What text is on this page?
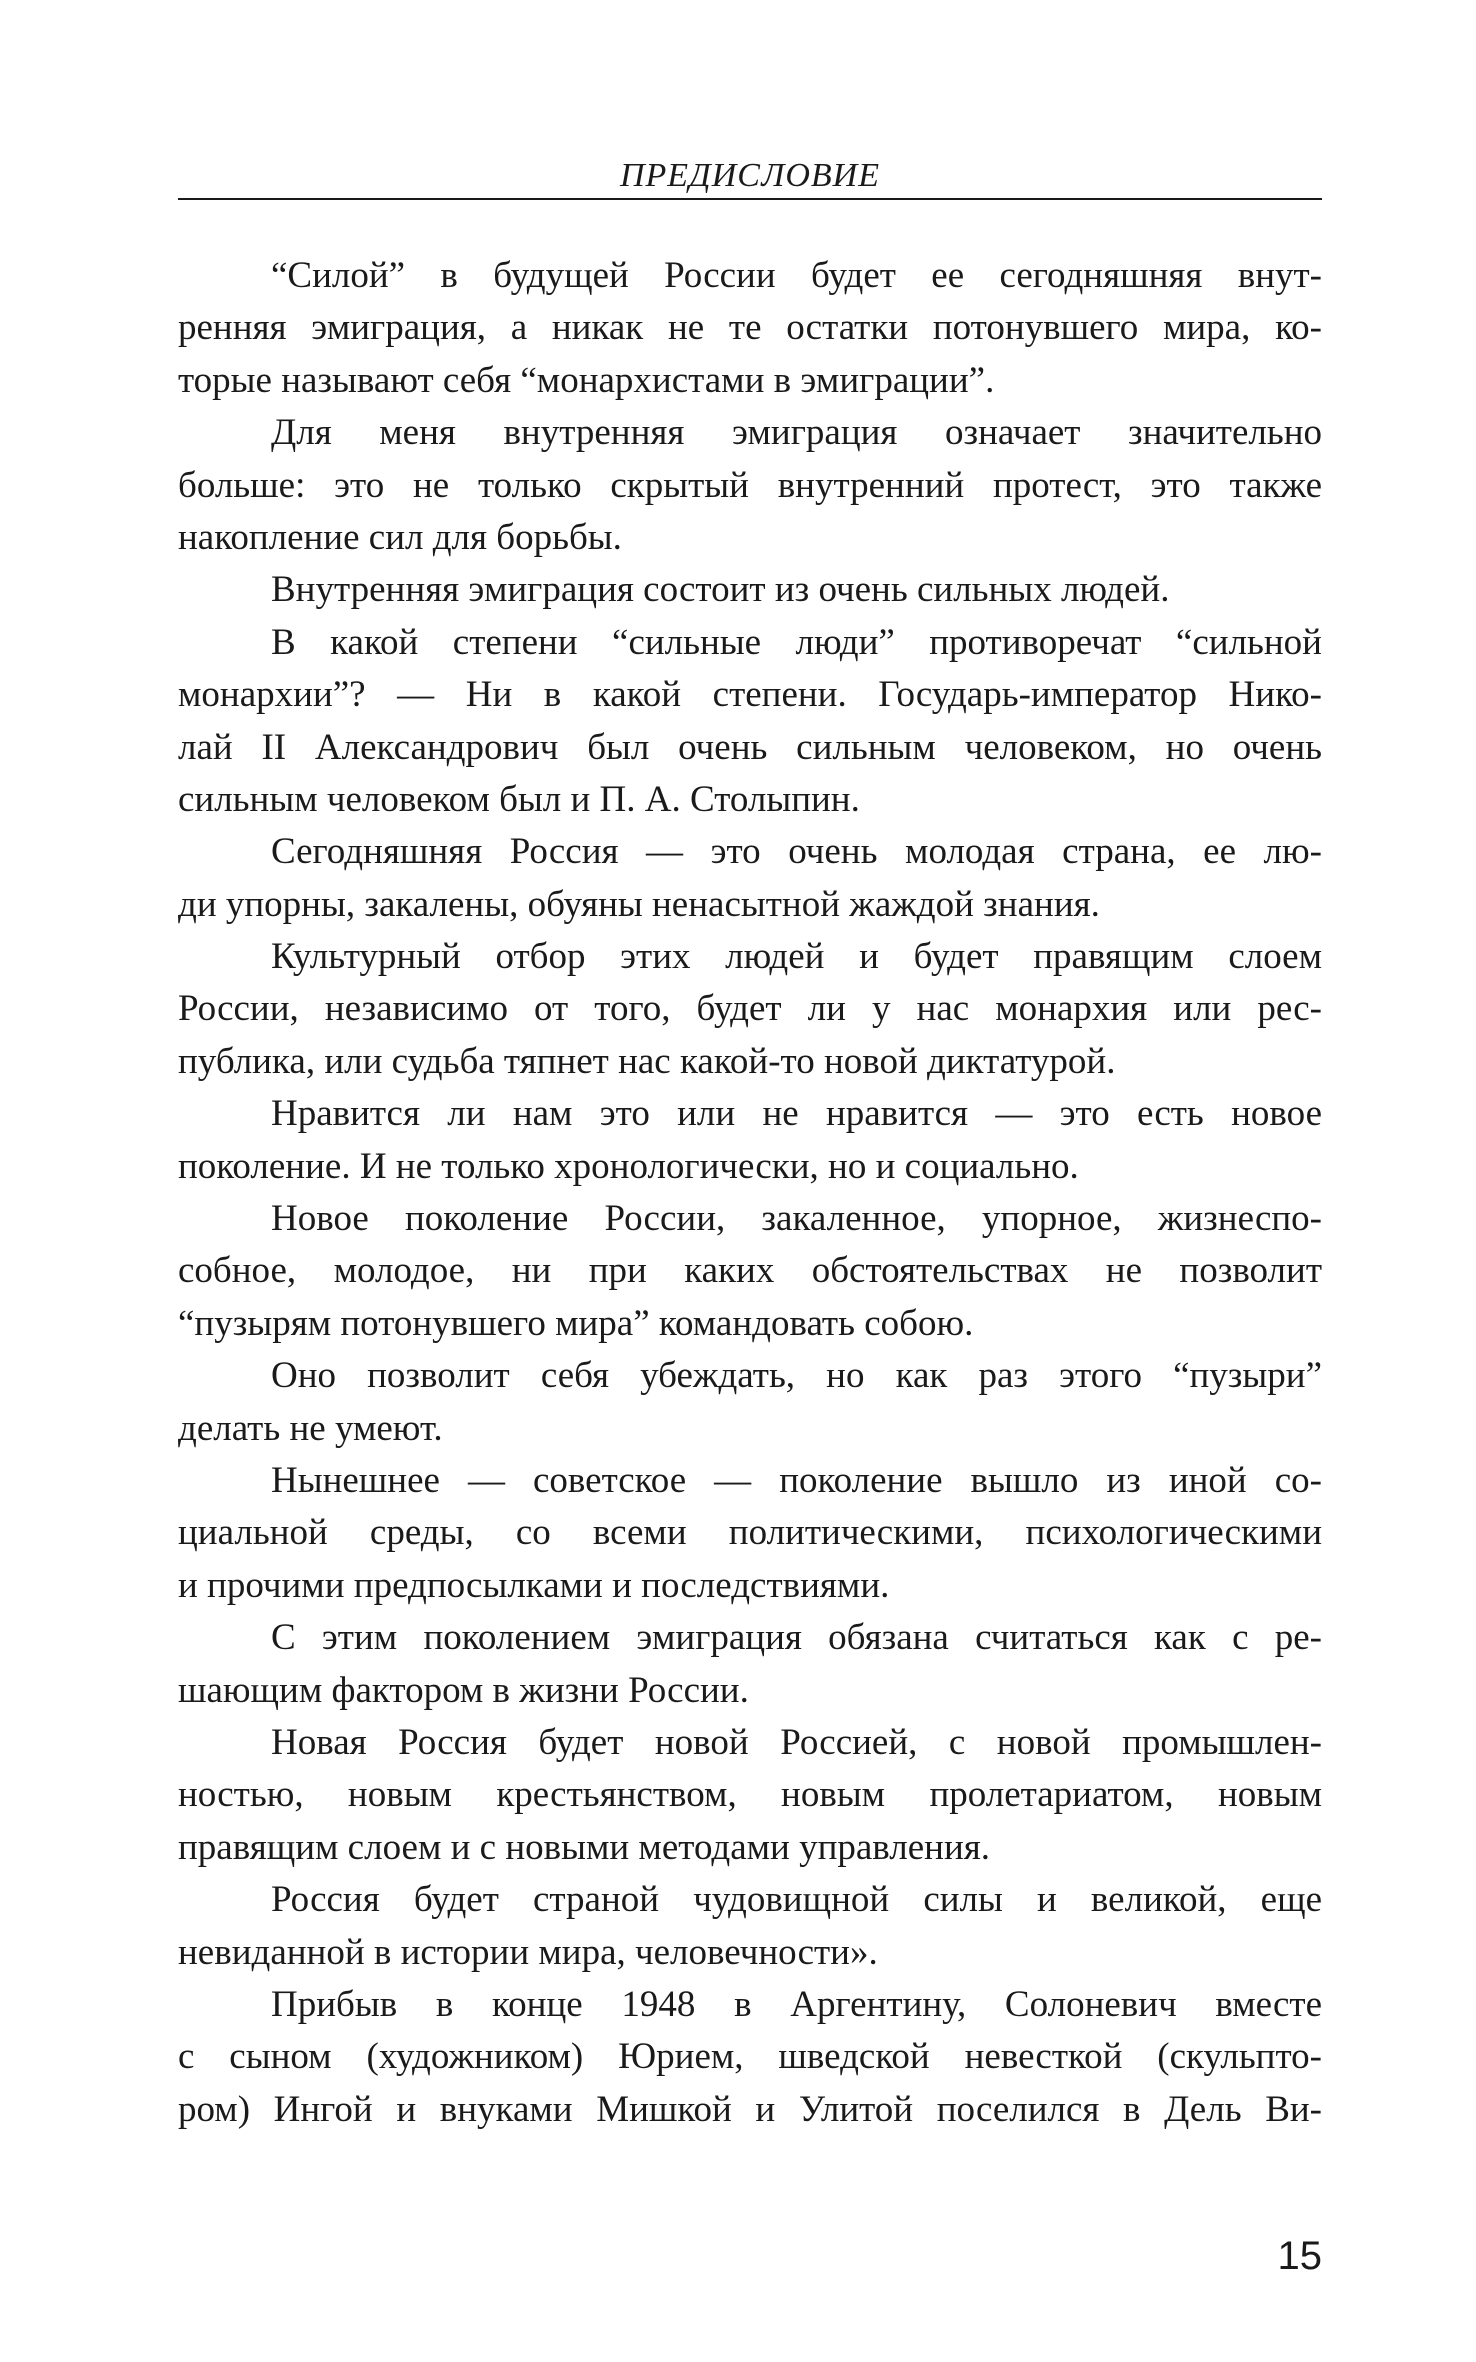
ПРЕДИСЛОВИЕ
“Силой” в будущей России будет ее сегодняшняя внут-
ренняя эмиграция, а никак не те остатки потонувшего мира, ко-
торые называют себя “монархистами в эмиграции”.
Для меня внутренняя эмиграция означает значительно
больше: это не только скрытый внутренний протест, это также
накопление сил для борьбы.
Внутренняя эмиграция состоит из очень сильных людей.
В какой степени “сильные люди” противоречат “сильной
монархии”? — Ни в какой степени. Государь-император Нико-
лай II Александрович был очень сильным человеком, но очень
сильным человеком был и П. А. Столыпин.
Сегодняшняя Россия — это очень молодая страна, ее лю-
ди упорны, закалены, обуяны ненасытной жаждой знания.
Культурный отбор этих людей и будет правящим слоем
России, независимо от того, будет ли у нас монархия или рес-
публика, или судьба тяпнет нас какой-то новой диктатурой.
Нравится ли нам это или не нравится — это есть новое
поколение. И не только хронологически, но и социально.
Новое поколение России, закаленное, упорное, жизнеспо-
собное, молодое, ни при каких обстоятельствах не позволит
“пузырям потонувшего мира” командовать собою.
Оно позволит себя убеждать, но как раз этого “пузыри”
делать не умеют.
Нынешнее — советское — поколение вышло из иной со-
циальной среды, со всеми политическими, психологическими
и прочими предпосылками и последствиями.
С этим поколением эмиграция обязана считаться как с ре-
шающим фактором в жизни России.
Новая Россия будет новой Россией, с новой промышлен-
ностью, новым крестьянством, новым пролетариатом, новым
правящим слоем и с новыми методами управления.
Россия будет страной чудовищной силы и великой, еще
невиданной в истории мира, человечности».
Прибыв в конце 1948 в Аргентину, Солоневич вместе
с сыном (художником) Юрием, шведской невесткой (скульпто-
ром) Ингой и внуками Мишкой и Улитой поселился в Дель Ви-
15
